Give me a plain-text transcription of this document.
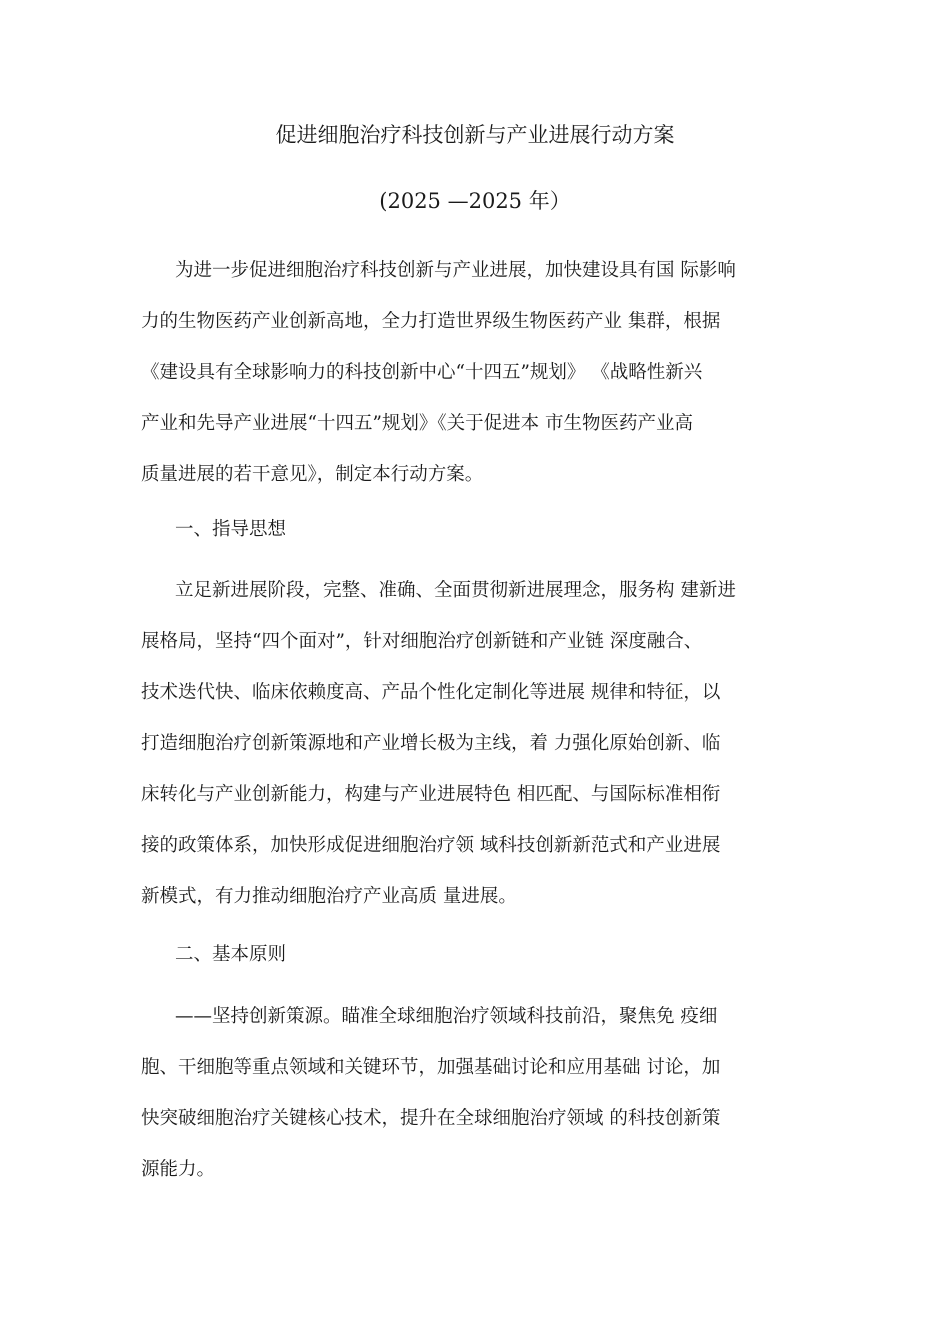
促进细胞治疗科技创新与产业进展行动方案
(2025 —2025 年）
为进一步促进细胞治疗科技创新与产业进展，加快建设具有国 际影响
力的生物医药产业创新高地，全力打造世界级生物医药产业 集群，根据
《建设具有全球影响力的科技创新中心“十四五”规划》 《战略性新兴
产业和先导产业进展“十四五”规划》《关于促进本 市生物医药产业高
质量进展的若干意见》，制定本行动方案。
一、指导思想
立足新进展阶段，完整、准确、全面贯彻新进展理念，服务构 建新进
展格局，坚持“四个面对”，针对细胞治疗创新链和产业链 深度融合、
技术迭代快、临床依赖度高、产品个性化定制化等进展 规律和特征，以
打造细胞治疗创新策源地和产业增长极为主线，着 力强化原始创新、临
床转化与产业创新能力，构建与产业进展特色 相匹配、与国际标准相衔
接的政策体系，加快形成促进细胞治疗领 域科技创新新范式和产业进展
新模式，有力推动细胞治疗产业高质 量进展。
二、基本原则
——坚持创新策源。瞄准全球细胞治疗领域科技前沿，聚焦免 疫细
胞、干细胞等重点领域和关键环节，加强基础讨论和应用基础 讨论，加
快突破细胞治疗关键核心技术，提升在全球细胞治疗领域 的科技创新策
源能力。
